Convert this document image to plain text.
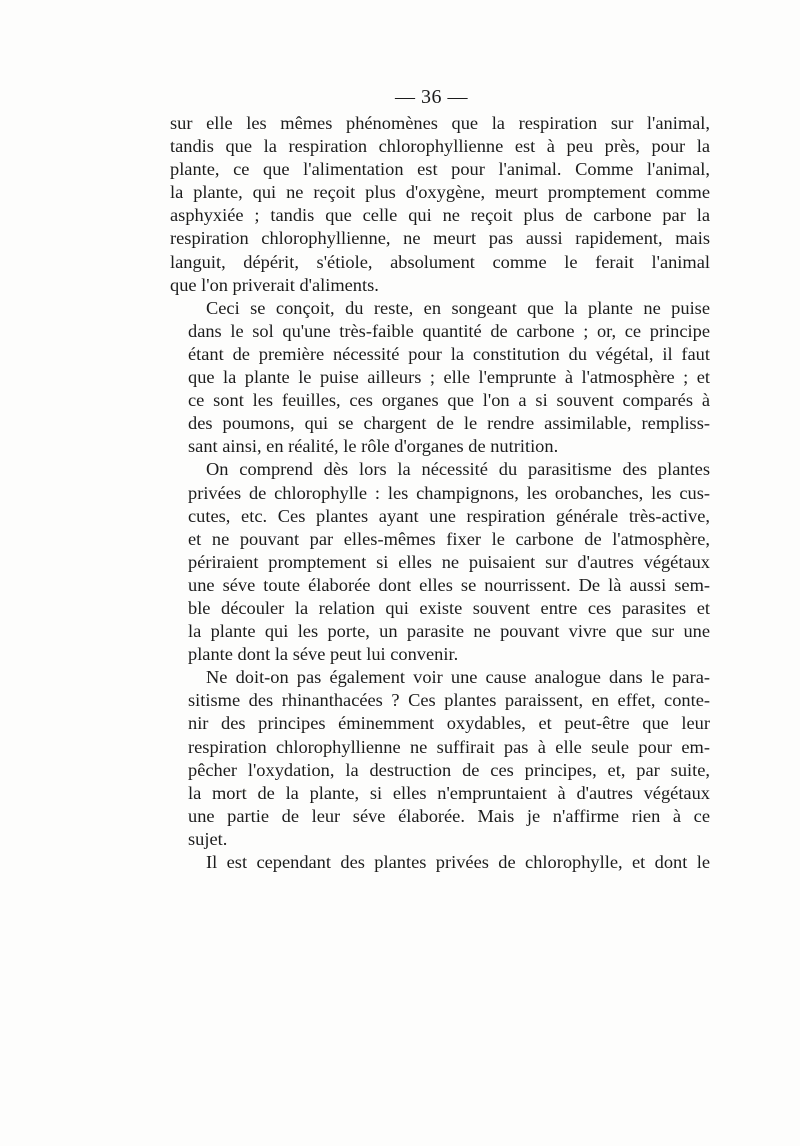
— 36 —

sur elle les mêmes phénomènes que la respiration sur l'animal,
tandis que la respiration chlorophyllienne est à peu près, pour la
plante, ce que l'alimentation est pour l'animal. Comme l'animal,
la plante, qui ne reçoit plus d'oxygène, meurt promptement comme
asphyxiée ; tandis que celle qui ne reçoit plus de carbone par la
respiration chlorophyllienne, ne meurt pas aussi rapidement, mais
languit, dépérit, s'étiole, absolument comme le ferait l'animal
que l'on priverait d'aliments.

Ceci se conçoit, du reste, en songeant que la plante ne puise
dans le sol qu'une très-faible quantité de carbone ; or, ce principe
étant de première nécessité pour la constitution du végétal, il faut
que la plante le puise ailleurs ; elle l'emprunte à l'atmosphère ; et
ce sont les feuilles, ces organes que l'on a si souvent comparés à
des poumons, qui se chargent de le rendre assimilable, rempliss-
sant ainsi, en réalité, le rôle d'organes de nutrition.

On comprend dès lors la nécessité du parasitisme des plantes
privées de chlorophylle : les champignons, les orobanches, les cus-
cutes, etc. Ces plantes ayant une respiration générale très-active,
et ne pouvant par elles-mêmes fixer le carbone de l'atmosphère,
périraient promptement si elles ne puisaient sur d'autres végétaux
une séve toute élaborée dont elles se nourrissent. De là aussi sem-
ble découler la relation qui existe souvent entre ces parasites et
la plante qui les porte, un parasite ne pouvant vivre que sur une
plante dont la séve peut lui convenir.

Ne doit-on pas également voir une cause analogue dans le para-
sitisme des rhinanthacées ? Ces plantes paraissent, en effet, conte-
nir des principes éminemment oxydables, et peut-être que leur
respiration chlorophyllienne ne suffirait pas à elle seule pour em-
pêcher l'oxydation, la destruction de ces principes, et, par suite,
la mort de la plante, si elles n'empruntaient à d'autres végétaux
une partie de leur séve élaborée. Mais je n'affirme rien à ce
sujet.

Il est cependant des plantes privées de chlorophylle, et dont le
